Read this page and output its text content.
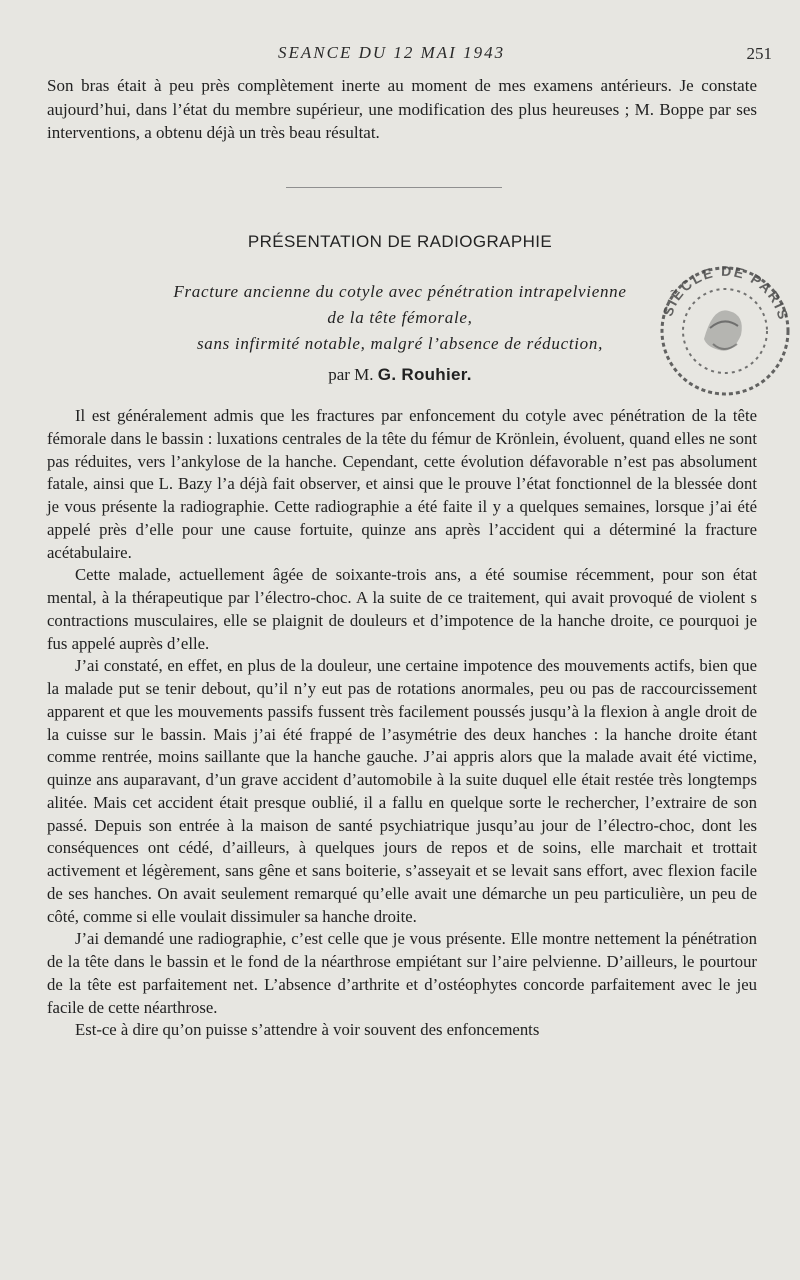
SEANCE DU 12 MAI 1943	251

Son bras était à peu près complètement inerte au moment de mes examens antérieurs. Je constate aujourd’hui, dans l’état du membre supérieur, une modification des plus heureuses ; M. Boppe par ses interventions, a obtenu déjà un très beau résultat.

PRÉSENTATION DE RADIOGRAPHIE
Fracture ancienne du cotyle avec pénétration intrapelvienne
de la tête fémorale,
sans infirmité notable, malgré l’absence de réduction,

par M. G. Rouhier.

Il est généralement admis que les fractures par enfoncement du cotyle avec pénétration de la tête fémorale dans le bassin : luxations centrales de la tête du fémur de Krönlein, évoluent, quand elles ne sont pas réduites, vers l’ankylose de la hanche. Cependant, cette évolution défavorable n’est pas absolument fatale, ainsi que L. Bazy l’a déjà fait observer, et ainsi que le prouve l’état fonctionnel de la blessée dont je vous présente la radiographie. Cette radiographie a été faite il y a quelques semaines, lorsque j’ai été appelé près d’elle pour une cause fortuite, quinze ans après l’accident qui a déterminé la fracture acétabulaire.

Cette malade, actuellement âgée de soixante-trois ans, a été soumise récemment, pour son état mental, à la thérapeutique par l’électro-choc. A la suite de ce traitement, qui avait provoqué de violent s contractions musculaires, elle se plaignit de douleurs et d’impotence de la hanche droite, ce pourquoi je fus appelé auprès d’elle.

J’ai constaté, en effet, en plus de la douleur, une certaine impotence des mouvements actifs, bien que la malade put se tenir debout, qu’il n’y eut pas de rotations anormales, peu ou pas de raccourcissement apparent et que les mouvements passifs fussent très facilement poussés jusqu’à la flexion à angle droit de la cuisse sur le bassin. Mais j’ai été frappé de l’asymétrie des deux hanches : la hanche droite étant comme rentrée, moins saillante que la hanche gauche. J’ai appris alors que la malade avait été victime, quinze ans auparavant, d’un grave accident d’automobile à la suite duquel elle était restée très longtemps alitée. Mais cet accident était presque oublié, il a fallu en quelque sorte le rechercher, l’extraire de son passé. Depuis son entrée à la maison de santé psychiatrique jusqu’au jour de l’électro-choc, dont les conséquences ont cédé, d’ailleurs, à quelques jours de repos et de soins, elle marchait et trottait activement et légèrement, sans gêne et sans boiterie, s’asseyait et se levait sans effort, avec flexion facile de ses hanches. On avait seulement remarqué qu’elle avait une démarche un peu particulière, un peu de côté, comme si elle voulait dissimuler sa hanche droite.

J’ai demandé une radiographie, c’est celle que je vous présente. Elle montre nettement la pénétration de la tête dans le bassin et le fond de la néarthrose empiétant sur l’aire pelvienne. D’ailleurs, le pourtour de la tête est parfaitement net. L’absence d’arthrite et d’ostéophytes concorde parfaitement avec le jeu facile de cette néarthrose.

Est-ce à dire qu’on puisse s’attendre à voir souvent des enfoncements

SIÈCLE DE PARIS
